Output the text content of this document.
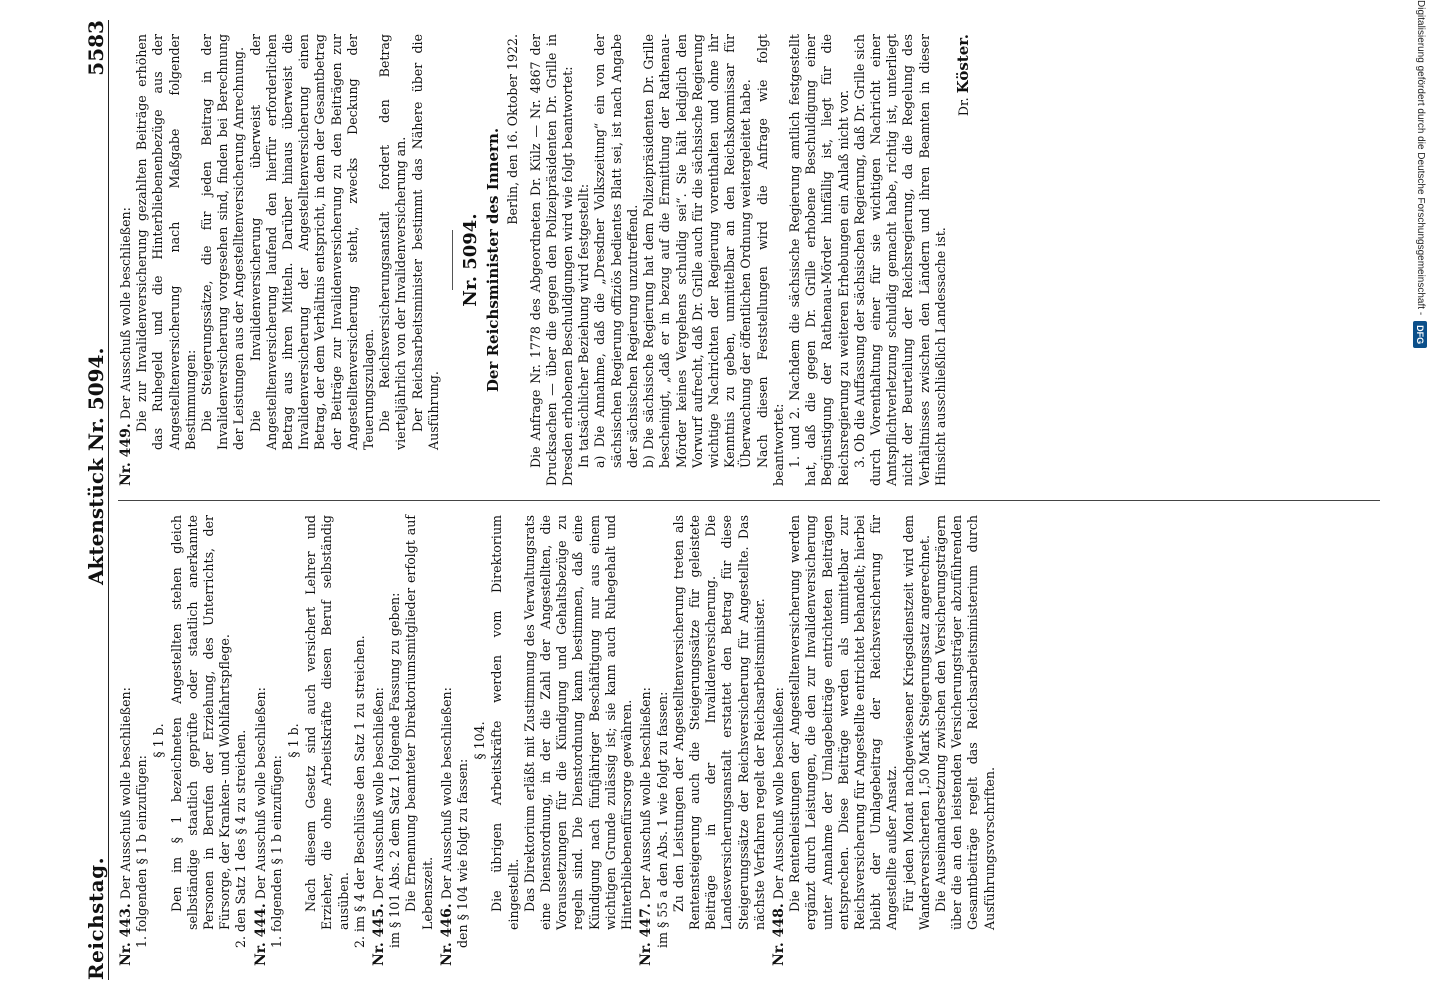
Reichstag.
Aktenstück Nr. 5094.
5583

Nr. 443. Der Ausschuß wolle beschließen: 1. folgenden § 1 b einzufügen:

§ 1 b. Den im § 1 bezeichneten Angestellten stehen gleich selbständige staatlich geprüfte oder staatlich anerkannte Personen in Berufen der Erziehung, des Unterrichts, der Fürsorge, der Kranken- und Wohlfahrtspflege. 2. den Satz 1 des § 4 zu streichen. Nr. 444. Der Ausschuß wolle beschließen: 1. folgenden § 1 b einzufügen:

§ 1 b. Nach diesem Gesetz sind auch versichert Lehrer und Erzieher, die ohne Arbeitskräfte diesen Beruf selbständig ausüben. 2. im § 4 der Beschlüsse den Satz 1 zu streichen. Nr. 445. Der Ausschuß wolle beschließen: im § 101 Abs. 2 dem Satz 1 folgende Fassung zu geben: Die Ernennung beamteter Direktoriumsmitglieder erfolgt auf Lebenszeit.

Nr. 446. Der Ausschuß wolle beschließen: den § 104 wie folgt zu fassen:

§ 104. Die übrigen Arbeitskräfte werden vom Direktorium eingestellt. Das Direktorium erläßt mit Zustimmung des Verwaltungsrats eine Dienstordnung, in der die Zahl der Angestellten, die Voraussetzungen für die Kündigung und Gehaltsbezüge zu regeln sind. Die Dienstordnung kann bestimmen, daß eine Kündigung nach fünfjähriger Beschäftigung nur aus einem wichtigen Grunde zulässig ist; sie kann auch Ruhegehalt und Hinterbliebenenfürsorge gewähren.

Nr. 447. Der Ausschuß wolle beschließen: im § 55 a den Abs. 1 wie folgt zu fassen: Zu den Leistungen der Angestelltenversicherung treten als Rentensteigerung auch die Steigerungssätze für geleistete Beiträge in der Invalidenversicherung. Die Landesversicherungsanstalt erstattet den Betrag für diese Steigerungssätze der Reichsversicherung für Angestellte. Das nächste Verfahren regelt der Reichsarbeitsminister.

Nr. 448. Der Ausschuß wolle beschließen: Die Rentenleistungen der Angestelltenversicherung werden ergänzt durch Leistungen, die den zur Invalidenversicherung unter Annahme der Umlagebeiträge entrichteten Beiträgen entsprechen. Diese Beiträge werden als unmittelbar zur Reichsversicherung für Angestellte entrichtet behandelt; hierbei bleibt der Umlagebeitrag der Reichsversicherung für Angestellte außer Ansatz. Für jeden Monat nachgewiesener Kriegsdienstzeit wird dem Wanderversicherten 1,50 Mark Steigerungssatz angerechnet. Die Auseinandersetzung zwischen den Versicherungsträgern über die an den leistenden Versicherungsträger abzuführenden Gesamtbeiträge regelt das Reichsarbeitsministerium durch Ausführungsvorschriften.

Nr. 449. Der Ausschuß wolle beschließen: Die zur Invalidenversicherung gezahlten Beiträge erhöhen das Ruhegeld und die Hinterbliebenenbezüge aus der Angestelltenversicherung nach Maßgabe folgender Bestimmungen: Die Steigerungssätze, die für jeden Beitrag in der Invalidenversicherung vorgesehen sind, finden bei Berechnung der Leistungen aus der Angestelltenversicherung Anrechnung. Die Invalidenversicherung überweist der Angestelltenversicherung laufend den hierfür erforderlichen Betrag aus ihren Mitteln. Darüber hinaus überweist die Invalidenversicherung der Angestelltenversicherung einen Betrag, der dem Verhältnis entspricht, in dem der Gesamtbetrag der Beiträge zur Invalidenversicherung zu den Beiträgen zur Angestelltenversicherung steht, zwecks Deckung der Teuerungszulagen. Die Reichsversicherungsanstalt fordert den Betrag vierteljährlich von der Invalidenversicherung an. Der Reichsarbeitsminister bestimmt das Nähere über die Ausführung.

Nr. 5094. Der Reichsminister des Innern. Berlin, den 16. Oktober 1922. Die Anfrage Nr. 1778 des Abgeordneten Dr. Külz — Nr. 4867 der Drucksachen — über die gegen den Polizeipräsidenten Dr. Grille in Dresden erhobenen Beschuldigungen wird wie folgt beantwortet: In tatsächlicher Beziehung wird festgestellt: a) Die Annahme, daß die „Dresdner Volkszeitung“ ein von der sächsischen Regierung offiziös bedientes Blatt sei, ist nach Angabe der sächsischen Regierung unzutreffend. b) Die sächsische Regierung hat dem Polizeipräsidenten Dr. Grille bescheinigt, „daß er in bezug auf die Ermittlung der Rathenau-Mörder keines Vergehens schuldig sei“. Sie hält lediglich den Vorwurf aufrecht, daß Dr. Grille auch für die sächsische Regierung wichtige Nachrichten der Regierung vorenthalten und ohne ihr Kenntnis zu geben, unmittelbar an den Reichskommissar für Überwachung der öffentlichen Ordnung weitergeleitet habe. Nach diesen Feststellungen wird die Anfrage wie folgt beantwortet: 1. und 2. Nachdem die sächsische Regierung amtlich festgestellt hat, daß die gegen Dr. Grille erhobene Beschuldigung einer Begünstigung der Rathenau-Mörder hinfällig ist, liegt für die Reichsregierung zu weiteren Erhebungen ein Anlaß nicht vor. 3. Ob die Auffassung der sächsischen Regierung, daß Dr. Grille sich durch Vorenthaltung einer für sie wichtigen Nachricht einer Amtspflichtverletzung schuldig gemacht habe, richtig ist, unterliegt nicht der Beurteilung der Reichsregierung, da die Regelung des Verhältnisses zwischen den Ländern und ihren Beamten in dieser Hinsicht ausschließlich Landessache ist.

Dr. Köster.	Digitalisierung gefördert durch die Deutsche Forschungsgemeinschaft -
DFG
